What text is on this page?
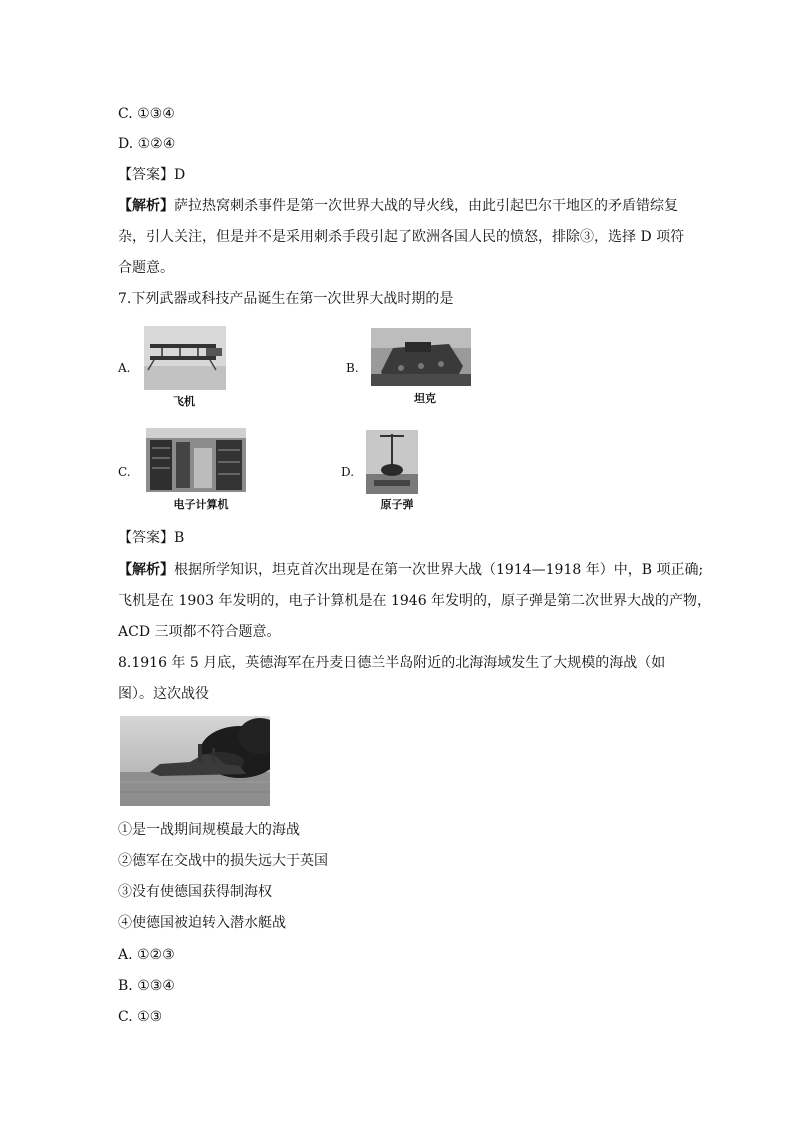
C. ①③④
D. ①②④
【答案】D
【解析】萨拉热窝刺杀事件是第一次世界大战的导火线，由此引起巴尔干地区的矛盾错综复
杂，引人关注，但是并不是采用刺杀手段引起了欧洲各国人民的愤怒，排除③，选择 D 项符
合题意。
7.下列武器或科技产品诞生在第一次世界大战时期的是
A.
飞机
B.
坦克
C.
电子计算机
D.
原子弹
【答案】B
【解析】根据所学知识，坦克首次出现是在第一次世界大战（1914—1918 年）中，B 项正确;
飞机是在 1903 年发明的，电子计算机是在 1946 年发明的，原子弹是第二次世界大战的产物，
ACD 三项都不符合题意。
8.1916 年 5 月底，英德海军在丹麦日德兰半岛附近的北海海域发生了大规模的海战（如
图）。这次战役
①是一战期间规模最大的海战
②德军在交战中的损失远大于英国
③没有使德国获得制海权
④使德国被迫转入潜水艇战
A. ①②③
B. ①③④
C. ①③
